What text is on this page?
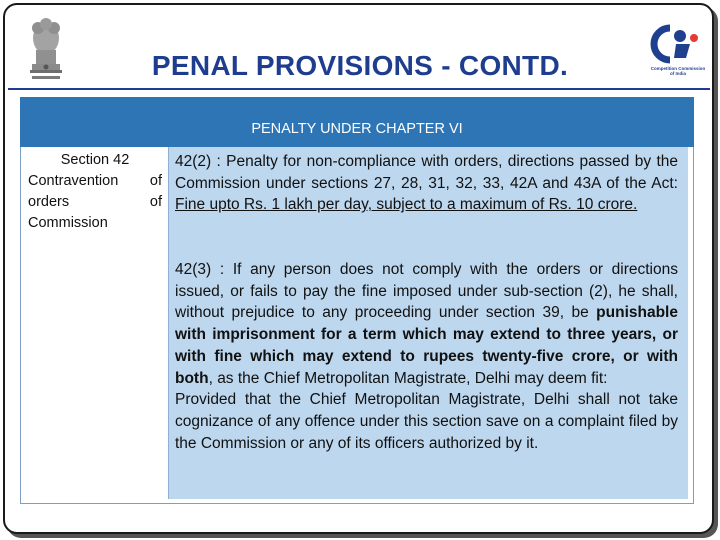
Competition Commission of India
PENAL PROVISIONS - CONTD.
PENALTY UNDER CHAPTER VI
Section 42
Contravention of
orders	of
Commission
42(2) : Penalty for non-compliance with orders, directions passed by the Commission under sections 27, 28, 31, 32, 33, 42A and 43A of the Act: Fine upto Rs. 1 lakh per day, subject to a maximum of Rs. 10 crore.
42(3) : If any person does not comply with the orders or directions issued, or fails to pay the fine imposed under sub-section (2), he shall, without prejudice to any proceeding under section 39, be punishable with imprisonment for a term which may extend to three years, or with fine which may extend to rupees twenty-five crore, or with both, as the Chief Metropolitan Magistrate, Delhi may deem fit:
Provided that the Chief Metropolitan Magistrate, Delhi shall not take cognizance of any offence under this section save on a complaint filed by the Commission or any of its officers authorized by it.
